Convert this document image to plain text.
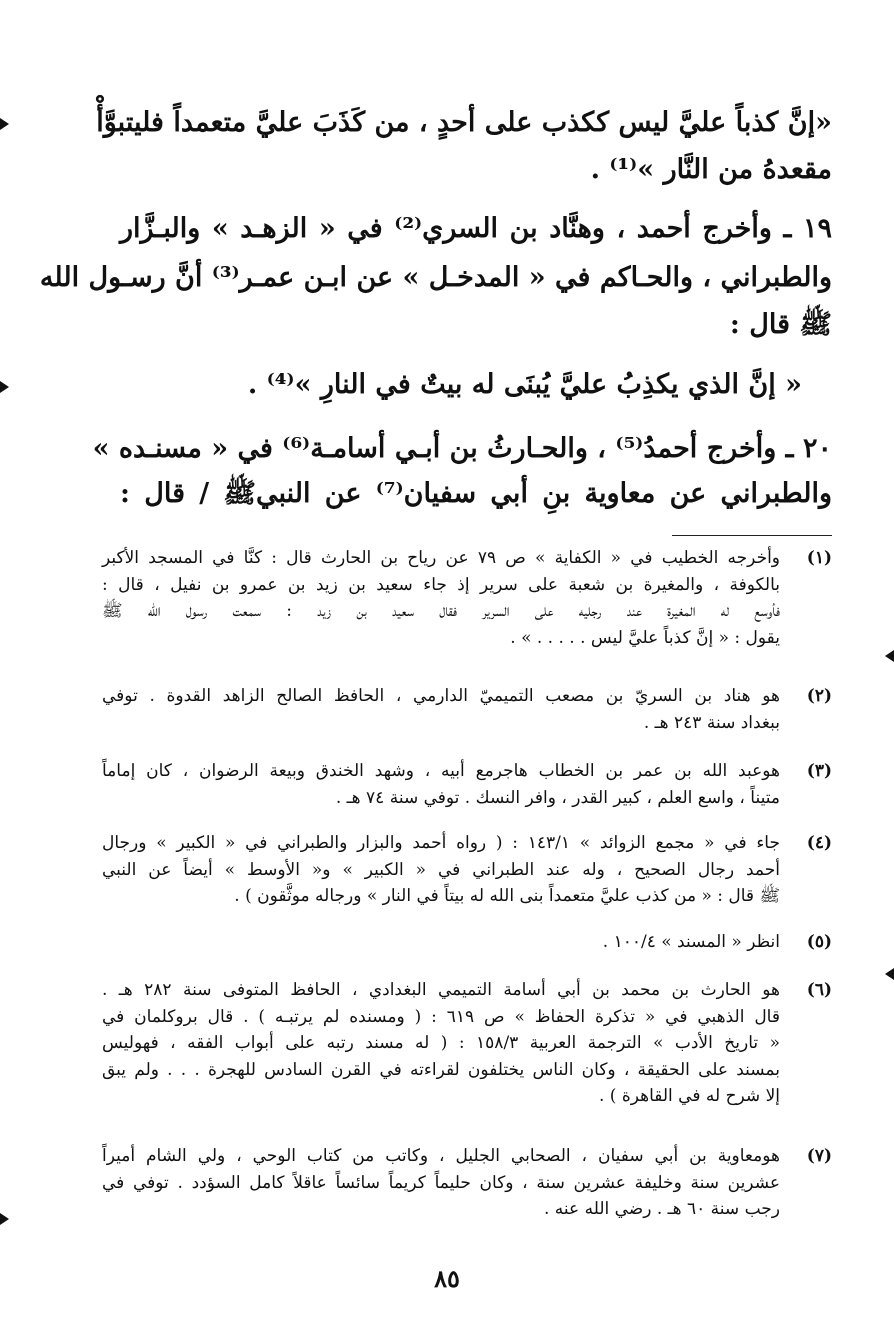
«إنَّ كذباً عليَّ ليس ككذب على أحدٍ ، من كَذَبَ عليَّ متعمداً فليتبوَّأْ
مقعدهُ من النَّار »⁽¹⁾ .
١٩ ـ وأخرج أحمد ، وهنَّاد بن السري⁽²⁾ في « الزهـد » والبـزَّار
والطبراني ، والحـاكم في « المدخـل » عن ابـن عمـر⁽³⁾ أنَّ رسـول الله
ﷺ قال :
« إنَّ الذي يكذِبُ عليَّ يُبنَى له بيتٌ في النارِ »⁽⁴⁾ .
٢٠ ـ وأخرج أحمدُ⁽⁵⁾ ، والحـارثُ بن أبـي أسامـة⁽⁶⁾ في « مسنـده »
والطبراني عن معاوية بنِ أبي سفيان⁽⁷⁾ عن النبيﷺ / قال :
(١)
وأخرجه الخطيب في « الكفاية » ص ٧٩ عن رياح بن الحارث قال : كنَّا في المسجد الأكبر
بالكوفة ، والمغيرة بن شعبة على سرير إذ جاء سعيد بن زيد بن عمرو بن نفيل ، قال :
فأوسع له المغيرة عند رجليه على السرير فقال سعيد بن زيد : سمعت رسول الله ﷺ
يقول : « إنَّ كذباً عليَّ ليس . . . . . » .
(٢)
هو هناد بن السريّ بن مصعب التميميّ الدارمي ، الحافظ الصالح الزاهد القدوة . توفي
ببغداد سنة ٢٤٣ هـ .
(٣)
هوعبد الله بن عمر بن الخطاب هاجرمع أبيه ، وشهد الخندق وبيعة الرضوان ، كان إماماً
متيناً ، واسع العلم ، كبير القدر ، وافر النسك . توفي سنة ٧٤ هـ .
(٤)
جاء في « مجمع الزوائد » ١٤٣/١ : ( رواه أحمد والبزار والطبراني في « الكبير » ورجال
أحمد رجال الصحيح ، وله عند الطبراني في « الكبير » و« الأوسط » أيضاً عن النبي
ﷺ قال : « من كذب عليَّ متعمداً بنى الله له بيتاً في النار » ورجاله موثَّقون ) .
(٥)
انظر « المسند » ١٠٠/٤ .
(٦)
هو الحارث بن محمد بن أبي أسامة التميمي البغدادي ، الحافظ المتوفى سنة ٢٨٢ هـ .
قال الذهبي في « تذكرة الحفاظ » ص ٦١٩ : ( ومسنده لم يرتبـه ) . قال بروكلمان في
« تاريخ الأدب » الترجمة العربية ١٥٨/٣ : ( له مسند رتبه على أبواب الفقه ، فهوليس
بمسند على الحقيقة ، وكان الناس يختلفون لقراءته في القرن السادس للهجرة . . . ولم يبق
إلا شرح له في القاهرة ) .
(٧)
هومعاوية بن أبي سفيان ، الصحابي الجليل ، وكاتب من كتاب الوحي ، ولي الشام أميراً
عشرين سنة وخليفة عشرين سنة ، وكان حليماً كريماً سائساً عاقلاً كامل السؤدد . توفي في
رجب سنة ٦٠ هـ . رضي الله عنه .
٨٥
